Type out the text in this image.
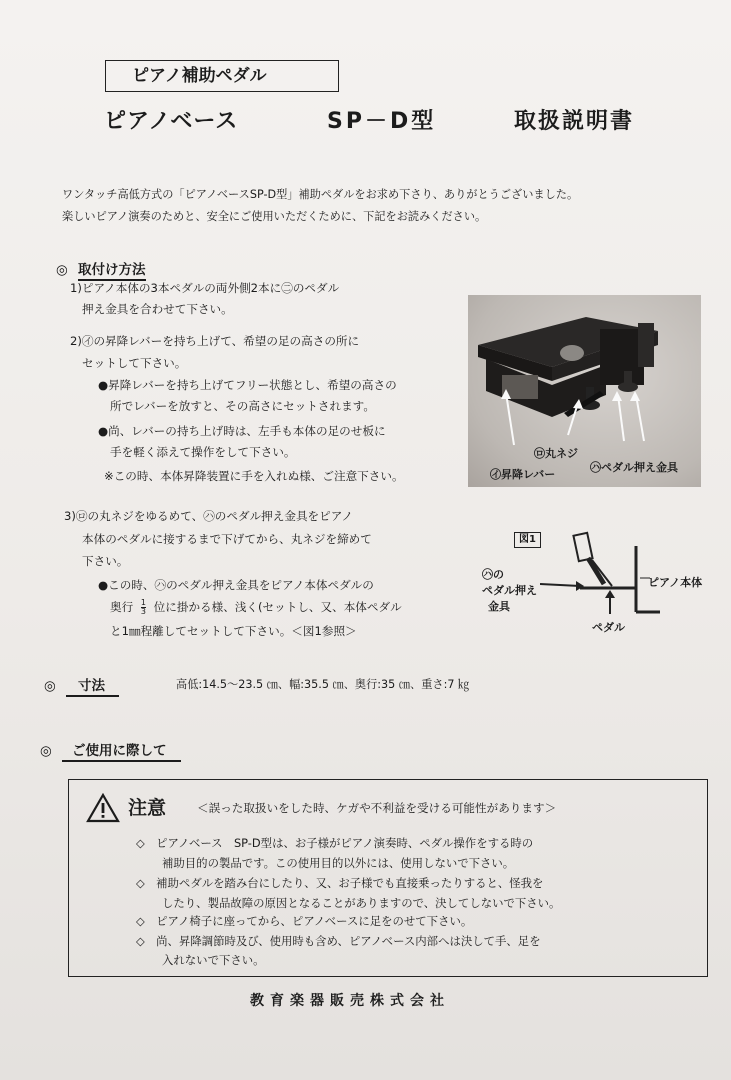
ピアノ補助ペダル
ピアノベース	SP－D型	取扱説明書
ワンタッチ高低方式の「ピアノベースSP-D型」補助ペダルをお求め下さり、ありがとうございました。
楽しいピアノ演奏のためと、安全にご使用いただくために、下記をお読みください。
◎ 取付け方法
1)ピアノ本体の3本ペダルの両外側2本に㊁のペダル
押え金具を合わせて下さい。
2)㋑の昇降レバーを持ち上げて、希望の足の高さの所に
セットして下さい。
●昇降レバーを持ち上げてフリー状態とし、希望の高さの
所でレバーを放すと、その高さにセットされます。
●尚、レバーの持ち上げ時は、左手も本体の足のせ板に
手を軽く添えて操作をして下さい。
※この時、本体昇降装置に手を入れぬ様、ご注意下さい。
3)㋺の丸ネジをゆるめて、㋩のペダル押え金具をピアノ
本体のペダルに接するまで下げてから、丸ネジを締めて
下さい。
●この時、㋩のペダル押え金具をピアノ本体ペダルの
奥行 $\frac{1}{3}$ 位に掛かる様、浅く(セットし、又、本体ペダル
と1㎜程離してセットして下さい。＜図1参照＞
㋺丸ネジ
㋑昇降レバー
㋩ペダル押え金具
図1
㋩の
ペダル押え
金具
ピアノ本体
ペダル
◎ 寸法	高低:14.5～23.5 ㎝、幅:35.5 ㎝、奥行:35 ㎝、重さ:7 ㎏
◎ ご使用に際して
注意	＜誤った取扱いをした時、ケガや不利益を受ける可能性があります＞
◇　ピアノベース　SP-D型は、お子様がピアノ演奏時、ペダル操作をする時の
補助目的の製品です。この使用目的以外には、使用しないで下さい。
◇　補助ペダルを踏み台にしたり、又、お子様でも直接乗ったりすると、怪我を
したり、製品故障の原因となることがありますので、決してしないで下さい。
◇　ピアノ椅子に座ってから、ピアノベースに足をのせて下さい。
◇　尚、昇降調節時及び、使用時も含め、ピアノベース内部へは決して手、足を
入れないで下さい。
教育楽器販売株式会社
